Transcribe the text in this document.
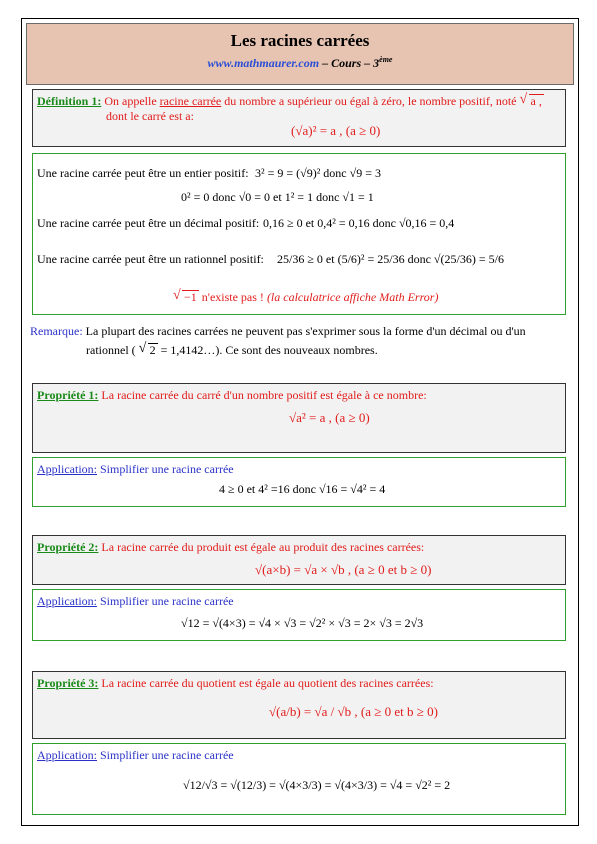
Les racines carrées
www.mathmaurer.com – Cours – 3ème
Définition 1: On appelle racine carrée du nombre a supérieur ou égal à zéro, le nombre positif, noté √ a ,
dont le carré est a:
(√a)² = a , (a ≥ 0)
Une racine carrée peut être un entier positif: 3² = 9 = (√9)² donc √9 = 3
0² = 0 donc √0 = 0 et 1² = 1 donc √1 = 1
Une racine carrée peut être un décimal positif: 0,16 ≥ 0 et 0,4² = 0,16 donc √0,16 = 0,4
Une racine carrée peut être un rationnel positif: 25/36 ≥ 0 et (5/6)² = 25/36 donc √(25/36) = 5/6
√ −1 n'existe pas ! (la calculatrice affiche Math Error)
Remarque: La plupart des racines carrées ne peuvent pas s'exprimer sous la forme d'un décimal ou d'un
rationnel ( √ 2 = 1,4142…). Ce sont des nouveaux nombres.
Propriété 1: La racine carrée du carré d'un nombre positif est égale à ce nombre:
√a² = a , (a ≥ 0)
Application: Simplifier une racine carrée
4 ≥ 0 et 4² =16 donc √16 = √4² = 4
Propriété 2: La racine carrée du produit est égale au produit des racines carrées:
√(a×b) = √a × √b , (a ≥ 0 et b ≥ 0)
Application: Simplifier une racine carrée
√12 = √(4×3) = √4 × √3 = √2² × √3 = 2× √3 = 2√3
Propriété 3: La racine carrée du quotient est égale au quotient des racines carrées:
√(a/b) = √a / √b , (a ≥ 0 et b ≥ 0)
Application: Simplifier une racine carrée
√12/√3 = √(12/3) = √(4×3/3) = √(4×3/3) = √4 = √2² = 2
